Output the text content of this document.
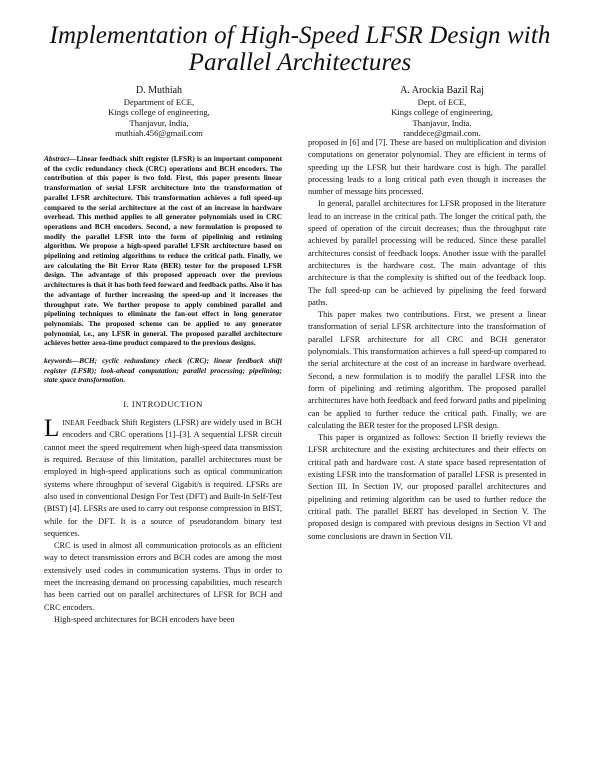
Implementation of High-Speed LFSR Design with Parallel Architectures
D. Muthiah
Department of ECE,
Kings college of engineering,
Thanjavur, India,
muthiah.456@gmail.com
A. Arockia Bazil Raj
Dept. of ECE,
Kings college of engineering,
Thanjavur, India.
randdece@gmail.com.

Abstract—Linear feedback shift register (LFSR) is an important component of the cyclic redundancy check (CRC) operations and BCH encoders. The contribution of this paper is two fold. First, this paper presents linear transformation of serial LFSR architecture into the transformation of parallel LFSR architecture. This transformation achieves a full speed-up compared to the serial architecture at the cost of an increase in hardware overhead. This method applies to all generator polynomials used in CRC operations and BCH encoders. Second, a new formulation is proposed to modify the parallel LFSR into the form of pipelining and retiming algorithm. We propose a high-speed parallel LFSR architecture based on pipelining and retiming algorithms to reduce the critical path. Finally, we are calculating the Bit Error Rate (BER) tester for the proposed LFSR design. The advantage of this proposed approach over the previous architectures is that it has both feed forward and feedback paths. Also it has the advantage of further increasing the speed-up and it increases the throughput rate. We further propose to apply combined parallel and pipelining techniques to eliminate the fan-out effect in long generator polynomials. The proposed scheme can be applied to any generator polynomial, i.e., any LFSR in general. The proposed parallel architecture achieves better area-time product compared to the previous designs.

keywords—BCH; cyclic redundancy check (CRC); linear feedback shift register (LFSR); look-ahead computation; parallel processing; pipelining; state space transformation.

I. INTRODUCTION

LINEAR Feedback Shift Registers (LFSR) are widely used in BCH encoders and CRC operations [1]–[3]. A sequential LFSR circuit cannot meet the speed requirement when high-speed data transmission is required. Because of this limitation, parallel architectures must be employed in high-speed applications such as optical communication systems where throughput of several Gigabit/s is required. LFSRs are also used in conventional Design For Test (DFT) and Built-In Self-Test (BIST) [4]. LFSRs are used to carry out response compression in BIST, while for the DFT. It is a source of pseudorandom binary test sequences.

CRC is used in almost all communication protocols as an efficient way to detect transmission errors and BCH codes are among the most extensively used codes in communication systems. Thus in order to meet the increasing demand on processing capabilities, much research has been carried out on parallel architectures of LFSR for BCH and CRC encoders.

High-speed architectures for BCH encoders have been

proposed in [6] and [7]. These are based on multiplication and division computations on generator polynomial. They are efficient in terms of speeding up the LFSR but their hardware cost is high. The parallel processing leads to a long critical path even though it increases the number of message bits processed.

In general, parallel architectures for LFSR proposed in the literature lead to an increase in the critical path. The longer the critical path, the speed of operation of the circuit decreases; thus the throughput rate achieved by parallel processing will be reduced. Since these parallel architectures consist of feedback loops. Another issue with the parallel architectures is the hardware cost. The main advantage of this architecture is that the complexity is shifted out of the feedback loop. The full speed-up can be achieved by pipelining the feed forward paths.

This paper makes two contributions. First, we present a linear transformation of serial LFSR architecture into the transformation of parallel LFSR architecture for all CRC and BCH generator polynomials. This transformation achieves a full speed-up compared to the serial architecture at the cost of an increase in hardware overhead. Second, a new formulation is to modify the parallel LFSR into the form of pipelining and retiming algorithm. The proposed parallel architectures have both feedback and feed forward paths and pipelining can be applied to further reduce the critical path. Finally, we are calculating the BER tester for the proposed LFSR design.

This paper is organized as follows: Section II briefly reviews the LFSR architecture and the existing architectures and their effects on critical path and hardware cost. A state space based representation of existing LFSR into the transformation of parallel LFSR is presented in Section III. In Section IV, our proposed parallel architectures and pipelining and retiming algorithm can be used to further reduce the critical path. The parallel BERT has developed in Section V. The proposed design is compared with previous designs in Section VI and some conclusions are drawn in Section VII.
